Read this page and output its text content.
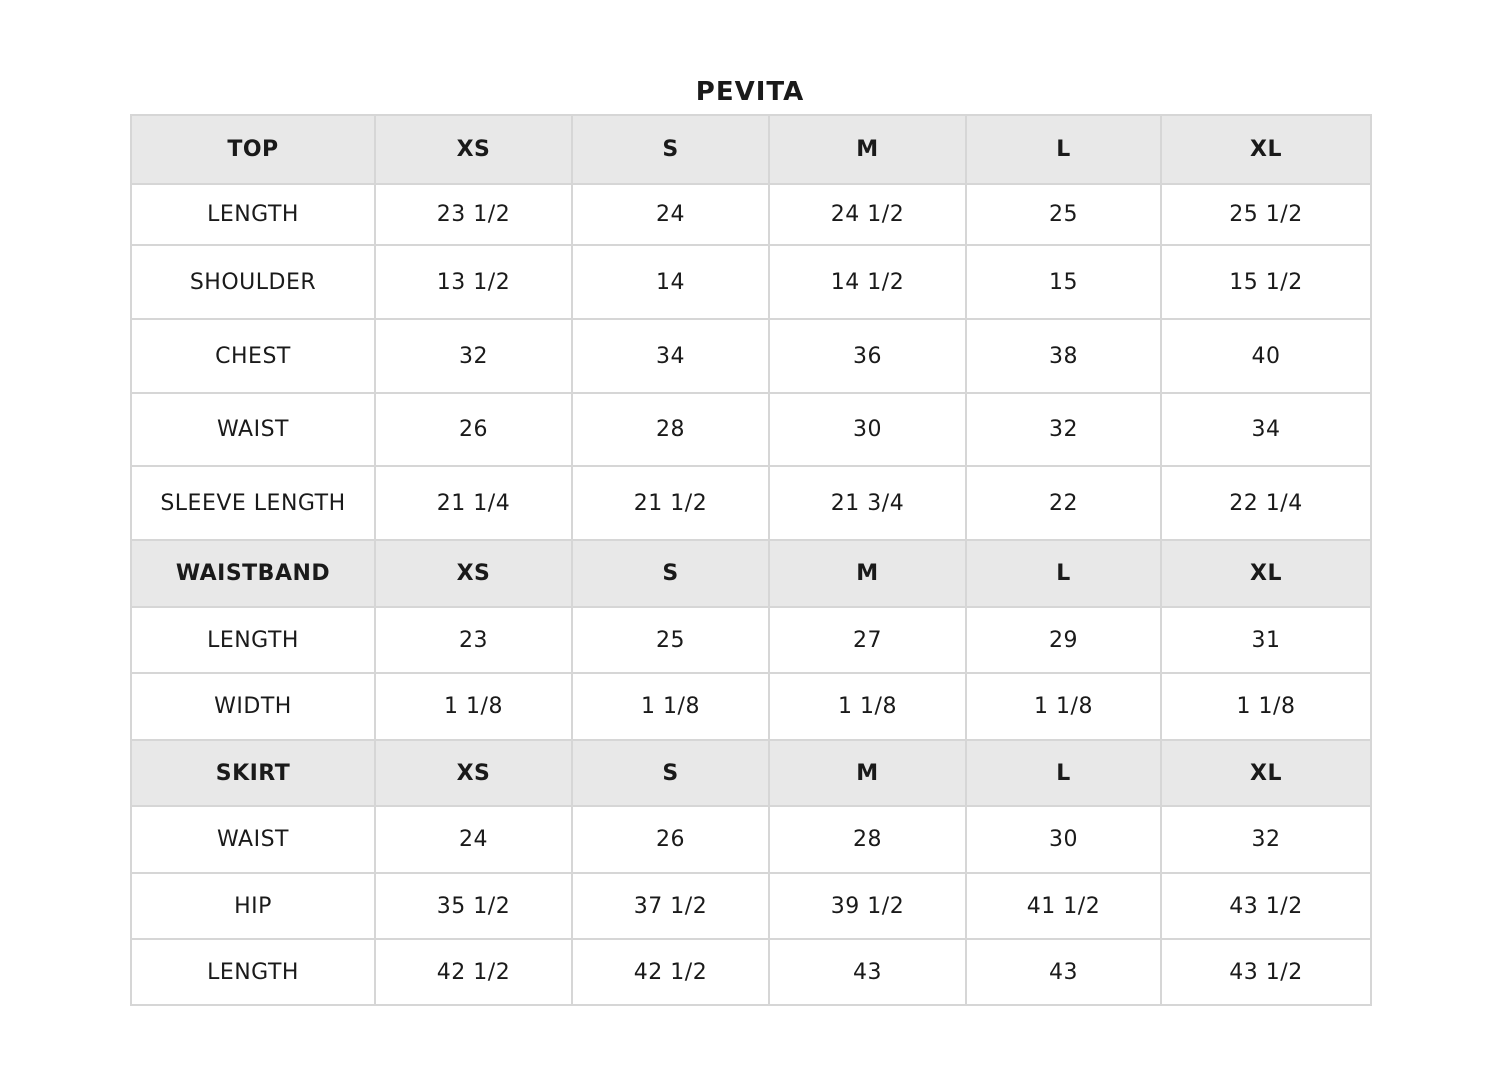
PEVITA
TOP	XS	S	M	L	XL
LENGTH	23 1/2	24	24 1/2	25	25 1/2
SHOULDER	13 1/2	14	14 1/2	15	15 1/2
CHEST	32	34	36	38	40
WAIST	26	28	30	32	34
SLEEVE LENGTH	21 1/4	21 1/2	21 3/4	22	22 1/4
WAISTBAND	XS	S	M	L	XL
LENGTH	23	25	27	29	31
WIDTH	1 1/8	1 1/8	1 1/8	1 1/8	1 1/8
SKIRT	XS	S	M	L	XL
WAIST	24	26	28	30	32
HIP	35 1/2	37 1/2	39 1/2	41 1/2	43 1/2
LENGTH	42 1/2	42 1/2	43	43	43 1/2
